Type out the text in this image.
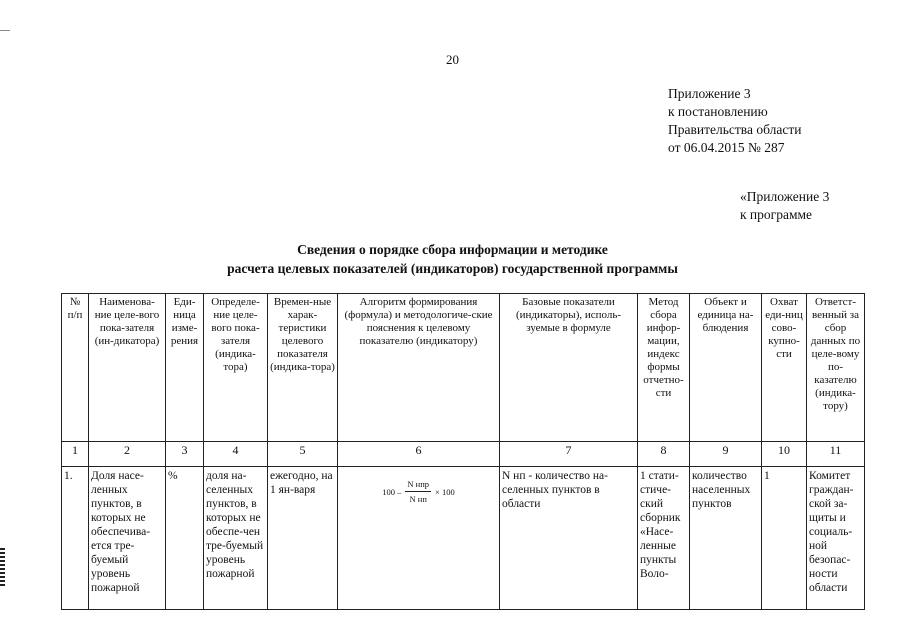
20
Приложение 3
к постановлению
Правительства области
от 06.04.2015 № 287
«Приложение 3
к программе
Сведения о порядке сбора информации и методике
расчета целевых показателей (индикаторов) государственной программы
№ п/п	Наименова-ние целе-вого пока-зателя (ин-дикатора)	Еди-ница изме-рения	Определе-ние целе-вого пока-зателя (индика-тора)	Времен-ные харак-теристики целевого показателя (индика-тора)	Алгоритм формирования (формула) и методологиче-ские пояснения к целевому показателю (индикатору)	Базовые показатели (индикаторы), исполь-зуемые в формуле	Метод сбора инфор-мации, индекс формы отчетно-сти	Объект и единица на-блюдения	Охват еди-ниц сово-купно-сти	Ответст-венный за сбор данных по целе-вому по-казателю (индика-тору)
1	2	3	4	5	6	7	8	9	10	11
1.	Доля насе-ленных пунктов, в которых не обеспечива-ется тре-буемый уровень пожарной	%	доля на-селенных пунктов, в которых не обеспе-чен тре-буемый уровень пожарной	ежегодно, на 1 ян-варя	$100 - \frac{\text{N нпр}}{\text{N нп}} \times 100$	N нп - количество на-селенных пунктов в области	1 стати-стиче-ский сборник «Насе-ленные пункты Воло-	количество населенных пунктов	1	Комитет граждан-ской за-щиты и социаль-ной безопас-ности области
